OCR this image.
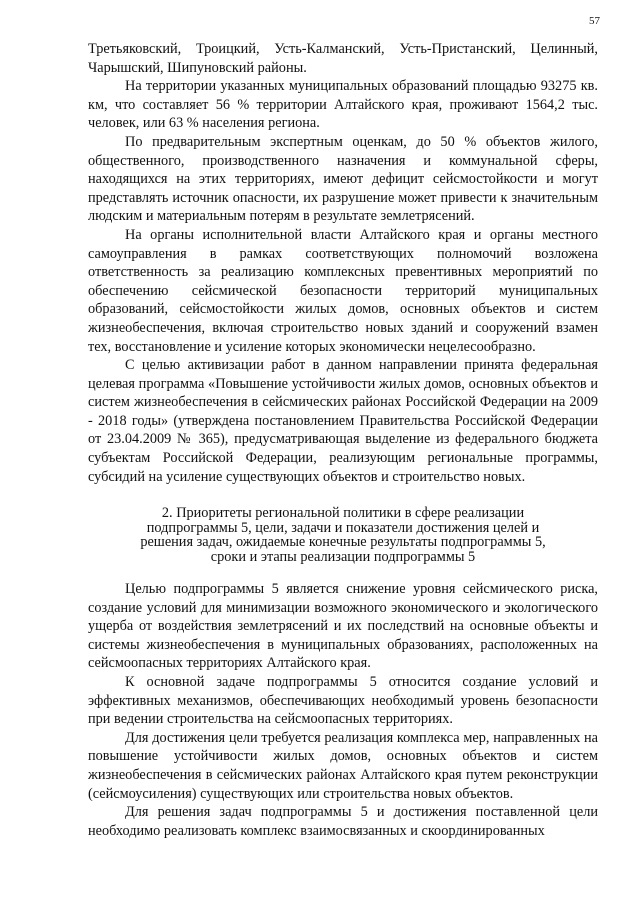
57

Третьяковский, Троицкий, Усть-Калманский, Усть-Пристанский, Целинный, Чарышский, Шипуновский районы.

На территории указанных муниципальных образований площадью 93275 кв. км, что составляет 56 % территории Алтайского края, проживают 1564,2 тыс. человек, или 63 % населения региона.

По предварительным экспертным оценкам, до 50 % объектов жилого, общественного, производственного назначения и коммунальной сферы, находящихся на этих территориях, имеют дефицит сейсмостойкости и могут представлять источник опасности, их разрушение может привести к значительным людским и материальным потерям в результате землетрясений.

На органы исполнительной власти Алтайского края и органы местного самоуправления в рамках соответствующих полномочий возложена ответственность за реализацию комплексных превентивных мероприятий по обеспечению сейсмической безопасности территорий муниципальных образований, сейсмостойкости жилых домов, основных объектов и систем жизнеобеспечения, включая строительство новых зданий и сооружений взамен тех, восстановление и усиление которых экономически нецелесообразно.

С целью активизации работ в данном направлении принята федеральная целевая программа «Повышение устойчивости жилых домов, основных объектов и систем жизнеобеспечения в сейсмических районах Российской Федерации на 2009 - 2018 годы» (утверждена постановлением Правительства Российской Федерации от 23.04.2009 № 365), предусматривающая выделение из федерального бюджета субъектам Российской Федерации, реализующим региональные программы, субсидий на усиление существующих объектов и строительство новых.

2. Приоритеты региональной политики в сфере реализации
подпрограммы 5, цели, задачи и показатели достижения целей и
решения задач, ожидаемые конечные результаты подпрограммы 5,
сроки и этапы реализации подпрограммы 5

Целью подпрограммы 5 является снижение уровня сейсмического риска, создание условий для минимизации возможного экономического и экологического ущерба от воздействия землетрясений и их последствий на основные объекты и системы жизнеобеспечения в муниципальных образованиях, расположенных на сейсмоопасных территориях Алтайского края.

К основной задаче подпрограммы 5 относится создание условий и эффективных механизмов, обеспечивающих необходимый уровень безопасности при ведении строительства на сейсмоопасных территориях.

Для достижения цели требуется реализация комплекса мер, направленных на повышение устойчивости жилых домов, основных объектов и систем жизнеобеспечения в сейсмических районах Алтайского края путем реконструкции (сейсмоусиления) существующих или строительства новых объектов.

Для решения задач подпрограммы 5 и достижения поставленной цели необходимо реализовать комплекс взаимосвязанных и скоординированных
